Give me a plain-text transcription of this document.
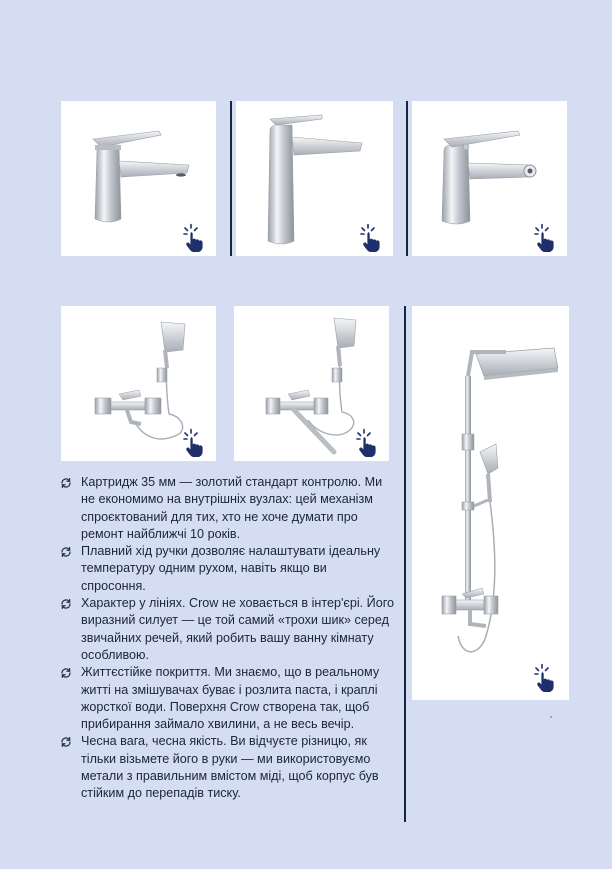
Картридж 35 мм — золотий стандарт контролю. Ми не економимо на внутрішніх вузлах: цей механізм спроєктований для тих, хто не хоче думати про ремонт найближчі 10 років.
Плавний хід ручки дозволяє налаштувати ідеальну температуру одним рухом, навіть якщо ви спросоння.
Характер у лініях. Crow не ховається в інтер'єрі. Його виразний силует — це той самий «трохи шик» серед звичайних речей, який робить вашу ванну кімнату особливою.
Життєстійке покриття. Ми знаємо, що в реальному житті на змішувачах буває і розлита паста, і краплі жорсткої води. Поверхня Crow створена так, щоб прибирання займало хвилини, а не весь вечір.
Чесна вага, чесна якість. Ви відчуєте різницю, як тільки візьмете його в руки — ми використовуємо метали з правильним вмістом міді, щоб корпус був стійким до перепадів тиску.
